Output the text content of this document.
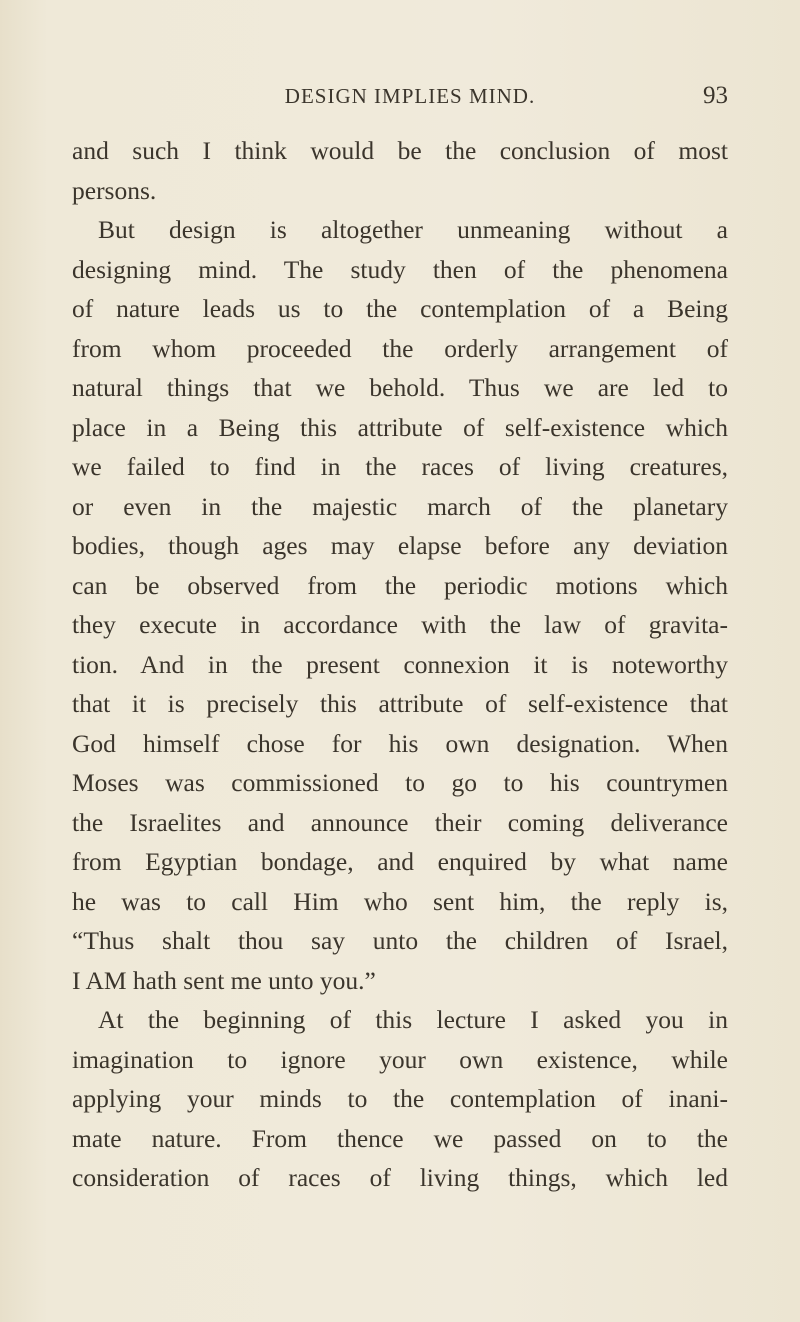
DESIGN IMPLIES MIND.	93
and such I think would be the conclusion of most
persons.
But design is altogether unmeaning without a
designing mind. The study then of the phenomena
of nature leads us to the contemplation of a Being
from whom proceeded the orderly arrangement of
natural things that we behold. Thus we are led to
place in a Being this attribute of self-existence which
we failed to find in the races of living creatures,
or even in the majestic march of the planetary
bodies, though ages may elapse before any deviation
can be observed from the periodic motions which
they execute in accordance with the law of gravita-
tion. And in the present connexion it is noteworthy
that it is precisely this attribute of self-existence that
God himself chose for his own designation. When
Moses was commissioned to go to his countrymen
the Israelites and announce their coming deliverance
from Egyptian bondage, and enquired by what name
he was to call Him who sent him, the reply is,
“Thus shalt thou say unto the children of Israel,
I AM hath sent me unto you.”
At the beginning of this lecture I asked you in
imagination to ignore your own existence, while
applying your minds to the contemplation of inani-
mate nature. From thence we passed on to the
consideration of races of living things, which led
